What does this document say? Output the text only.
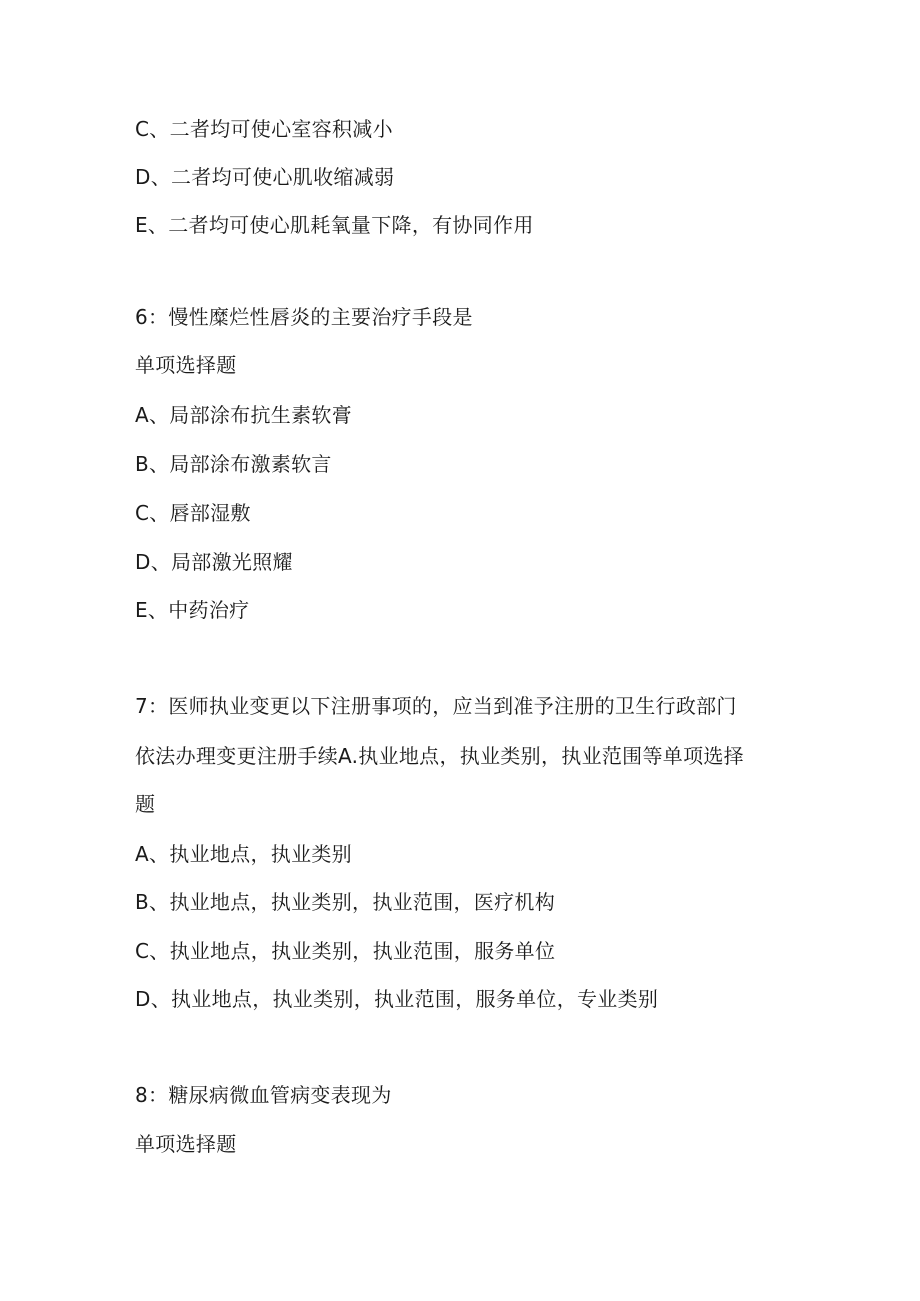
C、二者均可使心室容积减小
D、二者均可使心肌收缩减弱
E、二者均可使心肌耗氧量下降，有协同作用
6：慢性糜烂性唇炎的主要治疗手段是
单项选择题
A、局部涂布抗生素软膏
B、局部涂布激素软言
C、唇部湿敷
D、局部激光照耀
E、中药治疗
7：医师执业变更以下注册事项的，应当到准予注册的卫生行政部门
依法办理变更注册手续A.执业地点，执业类别，执业范围等单项选择
题
A、执业地点，执业类别
B、执业地点，执业类别，执业范围，医疗机构
C、执业地点，执业类别，执业范围，服务单位
D、执业地点，执业类别，执业范围，服务单位，专业类别
8：糖尿病微血管病变表现为
单项选择题
